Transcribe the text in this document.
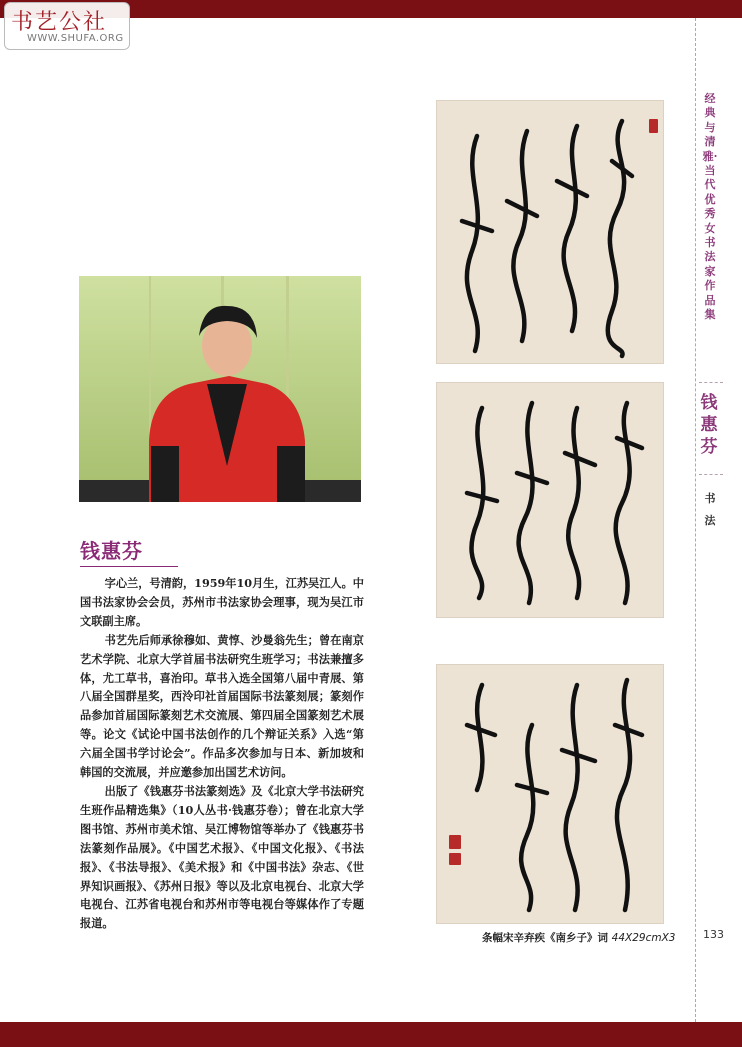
书艺公社
WWW.SHUFA.ORG
经典与清雅·当代优秀女书法家作品集
钱惠芬
书法
钱惠芬

字心兰，号清韵，1959年10月生，江苏吴江人。中国书法家协会会员，苏州市书法家协会理事，现为吴江市文联副主席。

书艺先后师承徐穆如、黄惇、沙曼翁先生；曾在南京艺术学院、北京大学首届书法研究生班学习；书法兼擅多体，尤工草书，喜治印。草书入选全国第八届中青展、第八届全国群星奖，西泠印社首届国际书法篆刻展；篆刻作品参加首届国际篆刻艺术交流展、第四届全国篆刻艺术展等。论文《试论中国书法创作的几个辩证关系》入选“第六届全国书学讨论会”。作品多次参加与日本、新加坡和韩国的交流展，并应邀参加出国艺术访问。

出版了《钱惠芬书法篆刻选》及《北京大学书法研究生班作品精选集》（10人丛书·钱惠芬卷）；曾在北京大学图书馆、苏州市美术馆、吴江博物馆等举办了《钱惠芬书法篆刻作品展》。《中国艺术报》、《中国文化报》、《书法报》、《书法导报》、《美术报》和《中国书法》杂志、《世界知识画报》、《苏州日报》等以及北京电视台、北京大学电视台、江苏省电视台和苏州市等电视台等媒体作了专题报道。

条幅宋辛弃疾《南乡子》词 44X29cmX3	133
